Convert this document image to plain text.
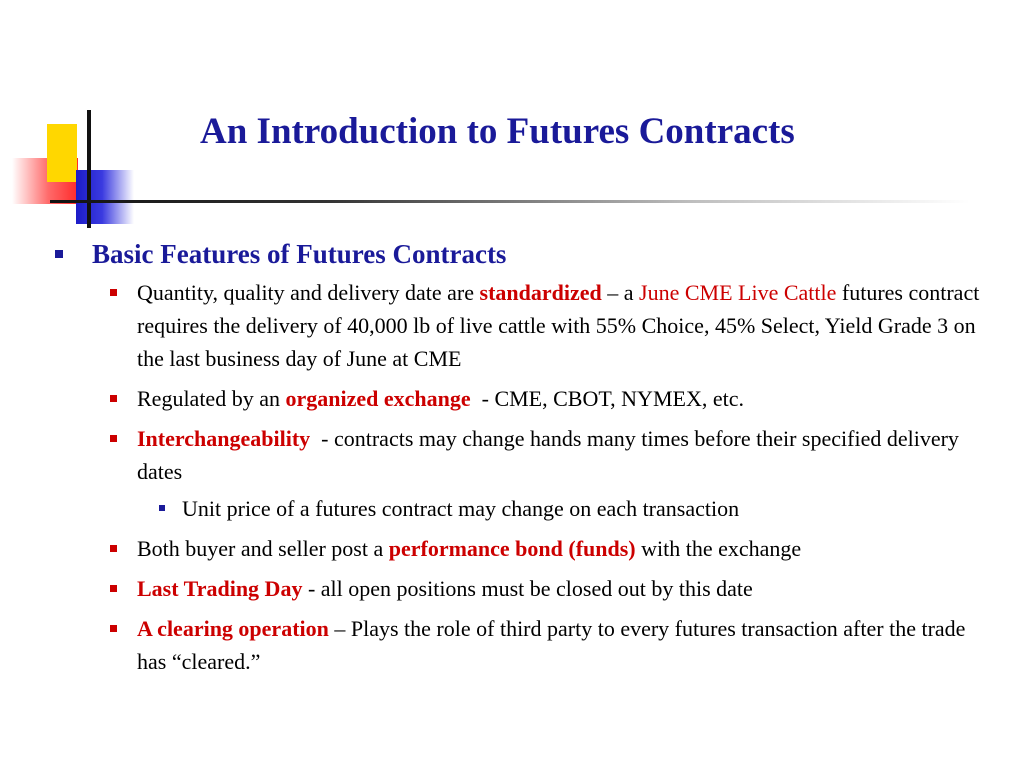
An Introduction to Futures Contracts

Basic Features of Futures Contracts

Quantity, quality and delivery date are standardized – a June CME Live Cattle futures contract requires the delivery of 40,000 lb of live cattle with 55% Choice, 45% Select, Yield Grade 3 on the last business day of June at CME

Regulated by an organized exchange  - CME, CBOT, NYMEX, etc.

Interchangeability  - contracts may change hands many times before their specified delivery dates

Unit price of a futures contract may change on each transaction

Both buyer and seller post a performance bond (funds) with the exchange

Last Trading Day - all open positions must be closed out by this date

A clearing operation – Plays the role of third party to every futures transaction after the trade has “cleared.”
